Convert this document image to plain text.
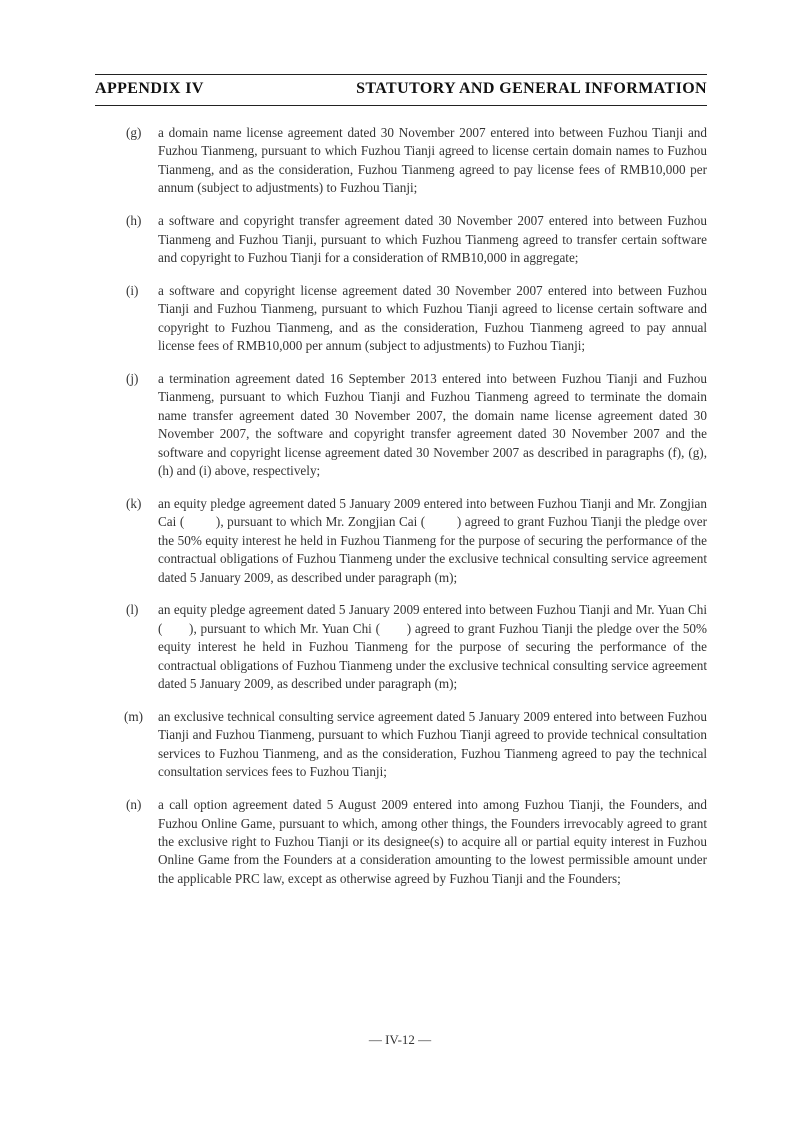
APPENDIX IV	STATUTORY AND GENERAL INFORMATION
(g) a domain name license agreement dated 30 November 2007 entered into between Fuzhou Tianji and Fuzhou Tianmeng, pursuant to which Fuzhou Tianji agreed to license certain domain names to Fuzhou Tianmeng, and as the consideration, Fuzhou Tianmeng agreed to pay license fees of RMB10,000 per annum (subject to adjustments) to Fuzhou Tianji;
(h) a software and copyright transfer agreement dated 30 November 2007 entered into between Fuzhou Tianmeng and Fuzhou Tianji, pursuant to which Fuzhou Tianmeng agreed to transfer certain software and copyright to Fuzhou Tianji for a consideration of RMB10,000 in aggregate;
(i) a software and copyright license agreement dated 30 November 2007 entered into between Fuzhou Tianji and Fuzhou Tianmeng, pursuant to which Fuzhou Tianji agreed to license certain software and copyright to Fuzhou Tianmeng, and as the consideration, Fuzhou Tianmeng agreed to pay annual license fees of RMB10,000 per annum (subject to adjustments) to Fuzhou Tianji;
(j) a termination agreement dated 16 September 2013 entered into between Fuzhou Tianji and Fuzhou Tianmeng, pursuant to which Fuzhou Tianji and Fuzhou Tianmeng agreed to terminate the domain name transfer agreement dated 30 November 2007, the domain name license agreement dated 30 November 2007, the software and copyright transfer agreement dated 30 November 2007 and the software and copyright license agreement dated 30 November 2007 as described in paragraphs (f), (g), (h) and (i) above, respectively;
(k) an equity pledge agreement dated 5 January 2009 entered into between Fuzhou Tianji and Mr. Zongjian Cai (         ), pursuant to which Mr. Zongjian Cai (         ) agreed to grant Fuzhou Tianji the pledge over the 50% equity interest he held in Fuzhou Tianmeng for the purpose of securing the performance of the contractual obligations of Fuzhou Tianmeng under the exclusive technical consulting service agreement dated 5 January 2009, as described under paragraph (m);
(l) an equity pledge agreement dated 5 January 2009 entered into between Fuzhou Tianji and Mr. Yuan Chi (       ), pursuant to which Mr. Yuan Chi (       ) agreed to grant Fuzhou Tianji the pledge over the 50% equity interest he held in Fuzhou Tianmeng for the purpose of securing the performance of the contractual obligations of Fuzhou Tianmeng under the exclusive technical consulting service agreement dated 5 January 2009, as described under paragraph (m);
(m) an exclusive technical consulting service agreement dated 5 January 2009 entered into between Fuzhou Tianji and Fuzhou Tianmeng, pursuant to which Fuzhou Tianji agreed to provide technical consultation services to Fuzhou Tianmeng, and as the consideration, Fuzhou Tianmeng agreed to pay the technical consultation services fees to Fuzhou Tianji;
(n) a call option agreement dated 5 August 2009 entered into among Fuzhou Tianji, the Founders, and Fuzhou Online Game, pursuant to which, among other things, the Founders irrevocably agreed to grant the exclusive right to Fuzhou Tianji or its designee(s) to acquire all or partial equity interest in Fuzhou Online Game from the Founders at a consideration amounting to the lowest permissible amount under the applicable PRC law, except as otherwise agreed by Fuzhou Tianji and the Founders;
— IV-12 —
